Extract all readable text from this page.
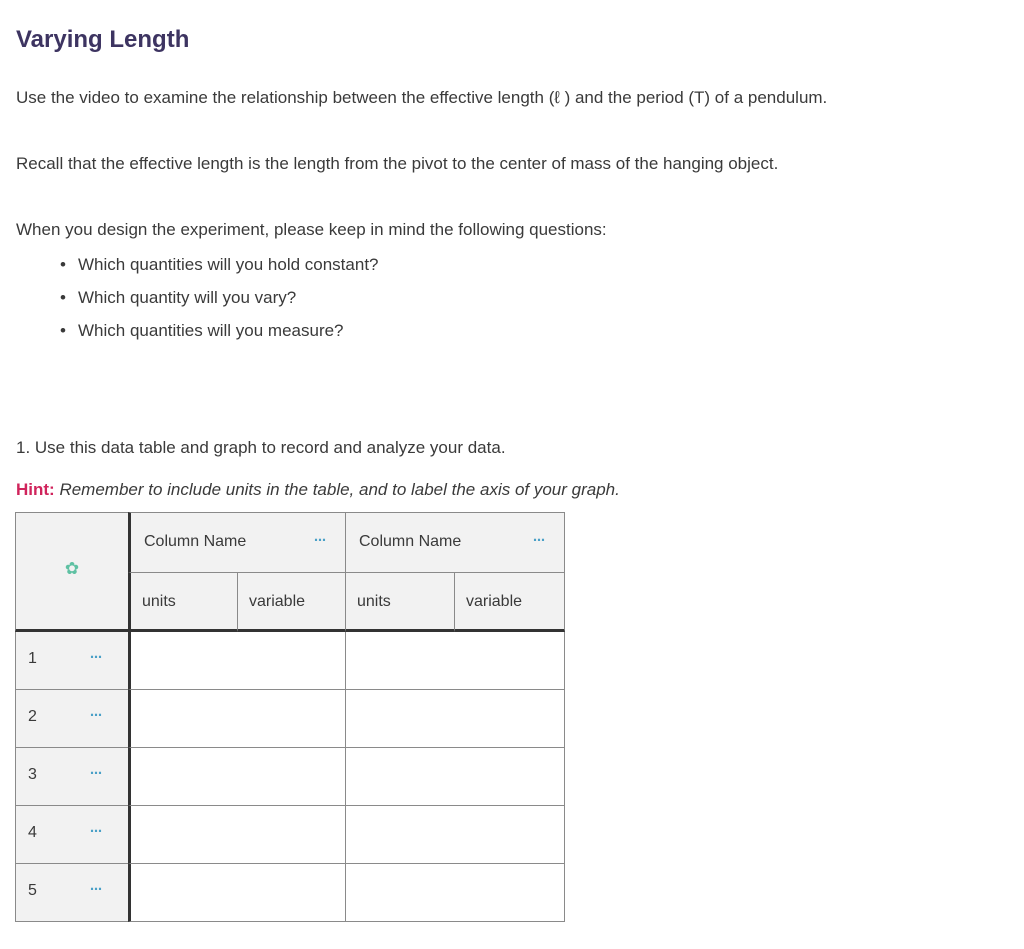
Varying Length

Use the video to examine the relationship between the effective length (ℓ ) and the period (T) of a pendulum.

Recall that the effective length is the length from the pivot to the center of mass of the hanging object.

When you design the experiment, please keep in mind the following questions:

• Which quantities will you hold constant?
• Which quantity will you vary?
• Which quantities will you measure?

1. Use this data table and graph to record and analyze your data.

Hint: Remember to include units in the table, and to label the axis of your graph.

✿
Column Name	⋯ Column Name	⋯
units	variable	units	variable
1	⋯
2	⋯
3	⋯
4	⋯
5	⋯
